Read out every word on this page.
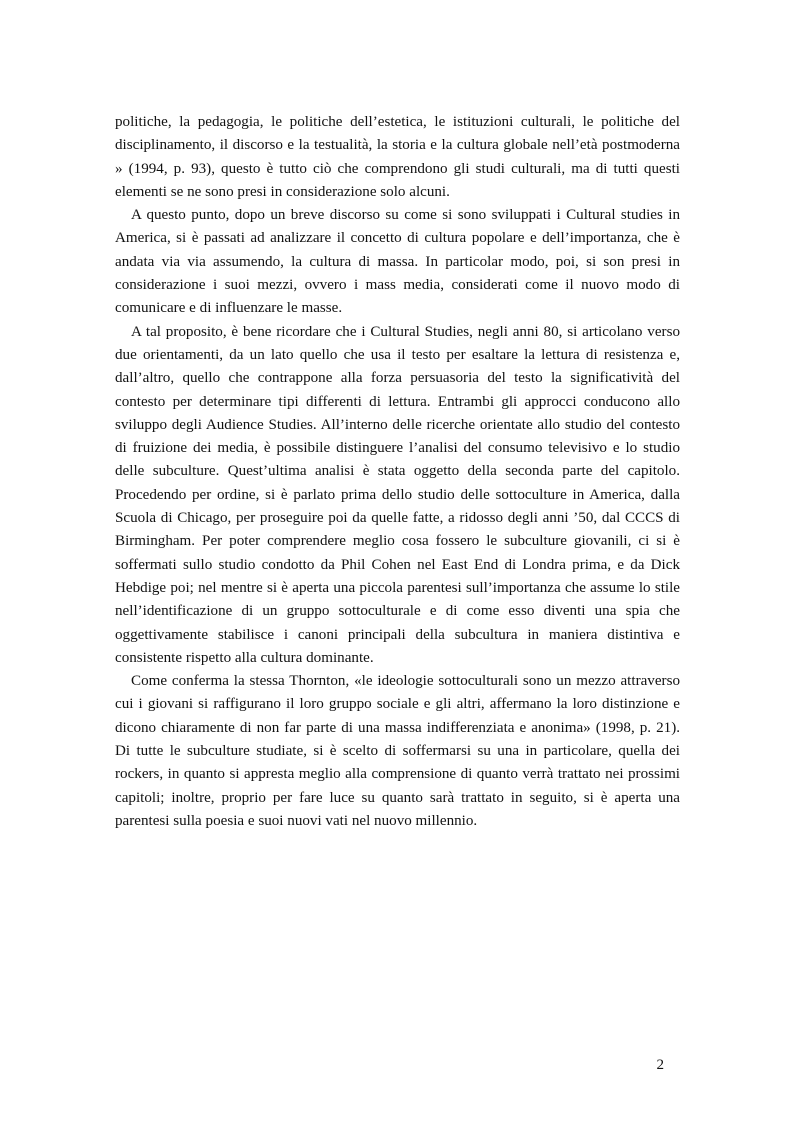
politiche, la pedagogia, le politiche dell’estetica, le istituzioni culturali, le politiche del disciplinamento, il discorso e la testualità, la storia e la cultura globale nell’età postmoderna » (1994, p. 93), questo è tutto ciò che comprendono gli studi culturali, ma di tutti questi elementi se ne sono presi in considerazione solo alcuni.

A questo punto, dopo un breve discorso su come si sono sviluppati i Cultural studies in America, si è passati ad analizzare il concetto di cultura popolare e dell’importanza, che è andata via via assumendo, la cultura di massa. In particolar modo, poi, si son presi in considerazione i suoi mezzi, ovvero i mass media, considerati come il nuovo modo di comunicare e di influenzare le masse.

A tal proposito, è bene ricordare che i Cultural Studies, negli anni 80, si articolano verso due orientamenti, da un lato quello che usa il testo per esaltare la lettura di resistenza e, dall’altro, quello che contrappone alla forza persuasoria del testo la significatività del contesto per determinare tipi differenti di lettura. Entrambi gli approcci conducono allo sviluppo degli Audience Studies. All’interno delle ricerche orientate allo studio del contesto di fruizione dei media, è possibile distinguere l’analisi del consumo televisivo e lo studio delle subculture. Quest’ultima analisi è stata oggetto della seconda parte del capitolo. Procedendo per ordine, si è parlato prima dello studio delle sottoculture in America, dalla Scuola di Chicago, per proseguire poi da quelle fatte, a ridosso degli anni ’50, dal CCCS di Birmingham. Per poter comprendere meglio cosa fossero le subculture giovanili, ci si è soffermati sullo studio condotto da Phil Cohen nel East End di Londra prima, e da Dick Hebdige poi; nel mentre si è aperta una piccola parentesi sull’importanza che assume lo stile nell’identificazione di un gruppo sottoculturale e di come esso diventi una spia che oggettivamente stabilisce i canoni principali della subcultura in maniera distintiva e consistente rispetto alla cultura dominante.

Come conferma la stessa Thornton, «le ideologie sottoculturali sono un mezzo attraverso cui i giovani si raffigurano il loro gruppo sociale e gli altri, affermano la loro distinzione e dicono chiaramente di non far parte di una massa indifferenziata e anonima» (1998, p. 21). Di tutte le subculture studiate, si è scelto di soffermarsi su una in particolare, quella dei rockers, in quanto si appresta meglio alla comprensione di quanto verrà trattato nei prossimi capitoli; inoltre, proprio per fare luce su quanto sarà trattato in seguito, si è aperta una parentesi sulla poesia e suoi nuovi vati nel nuovo millennio.

2
